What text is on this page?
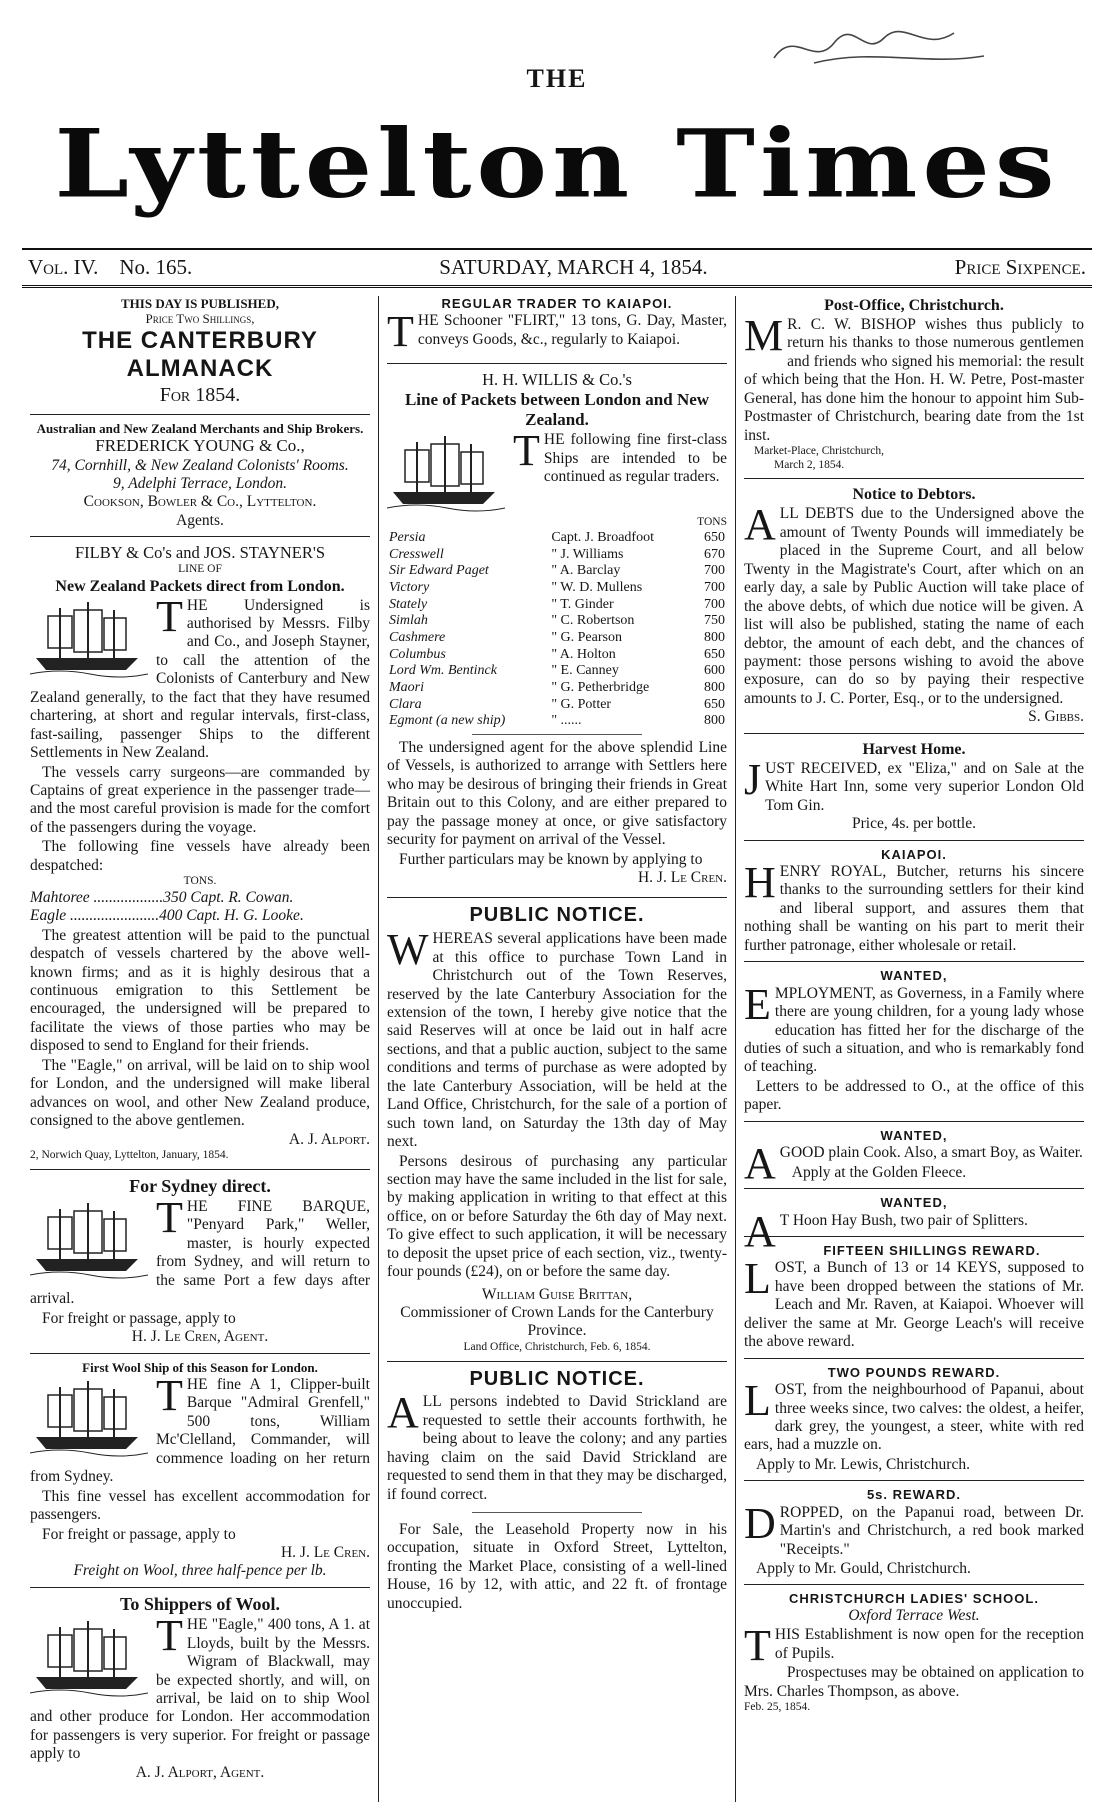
THE
Lyttelton Times
Vol. IV. No. 165.	SATURDAY, MARCH 4, 1854.	Price Sixpence.
THIS DAY IS PUBLISHED,
Price Two Shillings,
THE CANTERBURY ALMANACK
For 1854.
Australian and New Zealand Merchants and Ship Brokers.
FREDERICK YOUNG & Co.,
74, Cornhill, & New Zealand Colonists' Rooms.
9, Adelphi Terrace, London.
Cookson, Bowler & Co., Lyttelton.
Agents.
FILBY & Co's and JOS. STAYNER'S
LINE OF
New Zealand Packets direct from London.

THE Undersigned is authorised by Messrs. Filby and Co., and Joseph Stayner, to call the attention of the Colonists of Canterbury and New Zealand generally, to the fact that they have resumed chartering, at short and regular intervals, first-class, fast-sailing, passenger Ships to the different Settlements in New Zealand.

The vessels carry surgeons—are commanded by Captains of great experience in the passenger trade—and the most careful provision is made for the comfort of the passengers during the voyage.

The following fine vessels have already been despatched:

TONS.
Mahtoree ..................350 Capt. R. Cowan.
Eagle .......................400 Capt. H. G. Looke.

The greatest attention will be paid to the punctual despatch of vessels chartered by the above well-known firms; and as it is highly desirous that a continuous emigration to this Settlement be encouraged, the undersigned will be prepared to facilitate the views of those parties who may be disposed to send to England for their friends.

The "Eagle," on arrival, will be laid on to ship wool for London, and the undersigned will make liberal advances on wool, and other New Zealand produce, consigned to the above gentlemen.

A. J. Alport.
2, Norwich Quay, Lyttelton, January, 1854.
For Sydney direct.

THE FINE BARQUE, "Penyard Park," Weller, master, is hourly expected from Sydney, and will return to the same Port a few days after arrival.

For freight or passage, apply to

H. J. Le Cren, Agent.
First Wool Ship of this Season for London.

THE fine A 1, Clipper-built Barque "Admiral Grenfell," 500 tons, William Mc'Clelland, Commander, will commence loading on her return from Sydney.

This fine vessel has excellent accommodation for passengers.

For freight or passage, apply to

H. J. Le Cren.
Freight on Wool, three half-pence per lb.
To Shippers of Wool.

THE "Eagle," 400 tons, A 1. at Lloyds, built by the Messrs. Wigram of Blackwall, may be expected shortly, and will, on arrival, be laid on to ship Wool and other produce for London. Her accommodation for passengers is very superior. For freight or passage apply to

A. J. Alport, Agent.
REGULAR TRADER TO KAIAPOI.

THE Schooner "FLIRT," 13 tons, G. Day, Master, conveys Goods, &c., regularly to Kaiapoi.

H. H. WILLIS & Co.'s
Line of Packets between London and New Zealand.

THE following fine first-class Ships are intended to be continued as regular traders.

TONS
Persia	Capt. J. Broadfoot	650
Cresswell	" J. Williams	670
Sir Edward Paget	" A. Barclay	700
Victory	" W. D. Mullens	700
Stately	" T. Ginder	700
Simlah	" C. Robertson	750
Cashmere	" G. Pearson	800
Columbus	" A. Holton	650
Lord Wm. Bentinck	" E. Canney	600
Maori	" G. Petherbridge	800
Clara	" G. Potter	650
Egmont (a new ship)	" ......	800

The undersigned agent for the above splendid Line of Vessels, is authorized to arrange with Settlers here who may be desirous of bringing their friends in Great Britain out to this Colony, and are either prepared to pay the passage money at once, or give satisfactory security for payment on arrival of the Vessel.

Further particulars may be known by applying to

H. J. Le Cren.
PUBLIC NOTICE.

WHEREAS several applications have been made at this office to purchase Town Land in Christchurch out of the Town Reserves, reserved by the late Canterbury Association for the extension of the town, I hereby give notice that the said Reserves will at once be laid out in half acre sections, and that a public auction, subject to the same conditions and terms of purchase as were adopted by the late Canterbury Association, will be held at the Land Office, Christchurch, for the sale of a portion of such town land, on Saturday the 13th day of May next.

Persons desirous of purchasing any particular section may have the same included in the list for sale, by making application in writing to that effect at this office, on or before Saturday the 6th day of May next. To give effect to such application, it will be necessary to deposit the upset price of each section, viz., twenty-four pounds (£24), on or before the same day.

William Guise Brittan,
Commissioner of Crown Lands for the Canterbury Province.
Land Office, Christchurch, Feb. 6, 1854.
PUBLIC NOTICE.

ALL persons indebted to David Strickland are requested to settle their accounts forthwith, he being about to leave the colony; and any parties having claim on the said David Strickland are requested to send them in that they may be discharged, if found correct.

For Sale, the Leasehold Property now in his occupation, situate in Oxford Street, Lyttelton, fronting the Market Place, consisting of a well-lined House, 16 by 12, with attic, and 22 ft. of frontage unoccupied.

Post-Office, Christchurch.

MR. C. W. BISHOP wishes thus publicly to return his thanks to those numerous gentlemen and friends who signed his memorial: the result of which being that the Hon. H. W. Petre, Post-master General, has done him the honour to appoint him Sub-Postmaster of Christchurch, bearing date from the 1st inst.

Market-Place, Christchurch,
March 2, 1854.
Notice to Debtors.

ALL DEBTS due to the Undersigned above the amount of Twenty Pounds will immediately be placed in the Supreme Court, and all below Twenty in the Magistrate's Court, after which on an early day, a sale by Public Auction will take place of the above debts, of which due notice will be given. A list will also be published, stating the name of each debtor, the amount of each debt, and the chances of payment: those persons wishing to avoid the above exposure, can do so by paying their respective amounts to J. C. Porter, Esq., or to the undersigned.

S. Gibbs.
Harvest Home.

JUST RECEIVED, ex "Eliza," and on Sale at the White Hart Inn, some very superior London Old Tom Gin.

Price, 4s. per bottle.
KAIAPOI.

HENRY ROYAL, Butcher, returns his sincere thanks to the surrounding settlers for their kind and liberal support, and assures them that nothing shall be wanting on his part to merit their further patronage, either wholesale or retail.

WANTED,

EMPLOYMENT, as Governess, in a Family where there are young children, for a young lady whose education has fitted her for the discharge of the duties of such a situation, and who is remarkably fond of teaching.

Letters to be addressed to O., at the office of this paper.

WANTED,

AGOOD plain Cook. Also, a smart Boy, as Waiter.

Apply at the Golden Fleece.

WANTED,

AT Hoon Hay Bush, two pair of Splitters.

FIFTEEN SHILLINGS REWARD.

LOST, a Bunch of 13 or 14 KEYS, supposed to have been dropped between the stations of Mr. Leach and Mr. Raven, at Kaiapoi. Whoever will deliver the same at Mr. George Leach's will receive the above reward.

TWO POUNDS REWARD.

LOST, from the neighbourhood of Papanui, about three weeks since, two calves: the oldest, a heifer, dark grey, the youngest, a steer, white with red ears, had a muzzle on.

Apply to Mr. Lewis, Christchurch.

5s. REWARD.

DROPPED, on the Papanui road, between Dr. Martin's and Christchurch, a red book marked "Receipts."

Apply to Mr. Gould, Christchurch.

CHRISTCHURCH LADIES' SCHOOL.
Oxford Terrace West.

THIS Establishment is now open for the reception of Pupils.

Prospectuses may be obtained on application to Mrs. Charles Thompson, as above.

Feb. 25, 1854.
